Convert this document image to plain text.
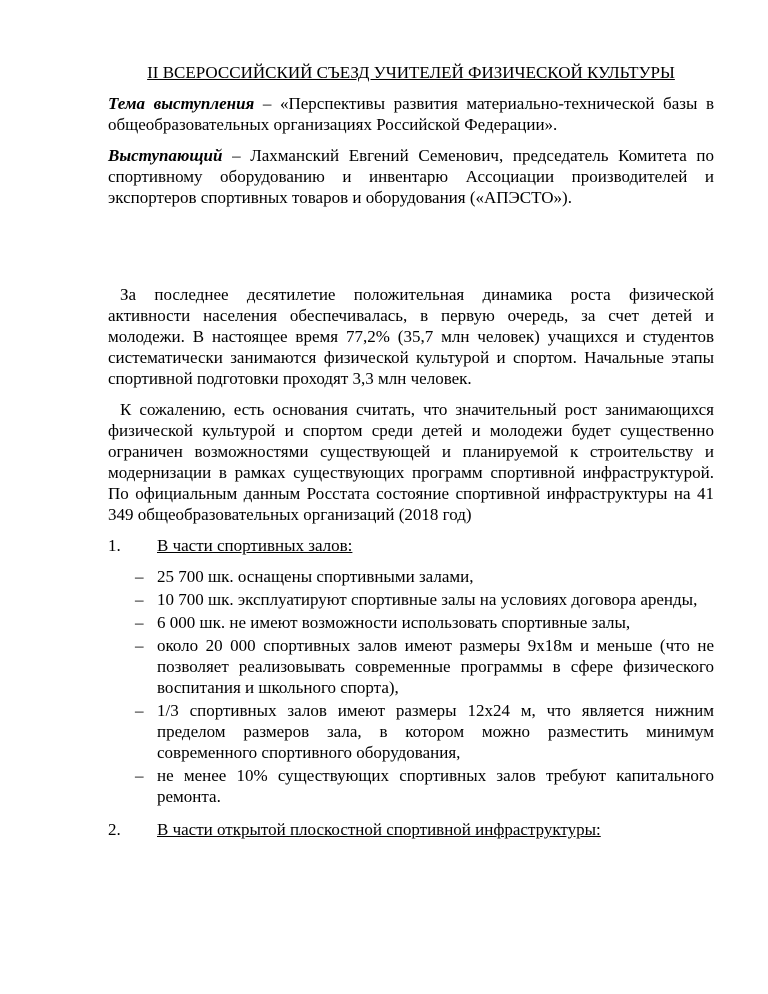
II ВСЕРОССИЙСКИЙ СЪЕЗД УЧИТЕЛЕЙ ФИЗИЧЕСКОЙ КУЛЬТУРЫ

Тема выступления – «Перспективы развития материально-технической базы в общеобразовательных организациях Российской Федерации».

Выступающий – Лахманский Евгений Семенович, председатель Комитета по спортивному оборудованию и инвентарю Ассоциации производителей и экспортеров спортивных товаров и оборудования («АПЭСТО»).

За последнее десятилетие положительная динамика роста физической активности населения обеспечивалась, в первую очередь, за счет детей и молодежи. В настоящее время 77,2% (35,7 млн человек) учащихся и студентов систематически занимаются физической культурой и спортом. Начальные этапы спортивной подготовки проходят 3,3 млн человек.

К сожалению, есть основания считать, что значительный рост занимающихся физической культурой и спортом среди детей и молодежи будет существенно ограничен возможностями существующей и планируемой к строительству и модернизации в рамках существующих программ спортивной инфраструктурой. По официальным данным Росстата состояние спортивной инфраструктуры на 41 349 общеобразовательных организаций (2018 год)

1.	В части спортивных залов:
– 25 700 шк. оснащены спортивными залами,
– 10 700 шк. эксплуатируют спортивные залы на условиях договора аренды,
– 6 000 шк. не имеют возможности использовать спортивные залы,
– около 20 000 спортивных залов имеют размеры 9х18м и меньше (что не позволяет реализовывать современные программы в сфере физического воспитания и школьного спорта),
– 1/3 спортивных залов имеют размеры 12х24 м, что является нижним пределом размеров зала, в котором можно разместить минимум современного спортивного оборудования,
– не менее 10% существующих спортивных залов требуют капитального ремонта.
2.	В части открытой плоскостной спортивной инфраструктуры:
